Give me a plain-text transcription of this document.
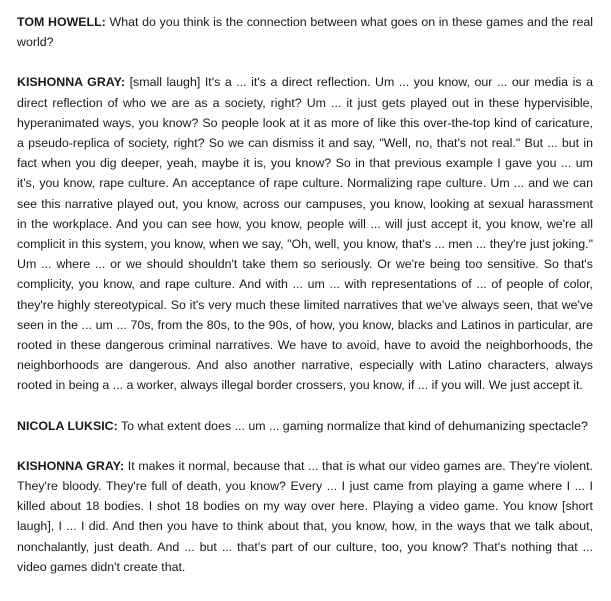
TOM HOWELL: What do you think is the connection between what goes on in these games and the real world?

KISHONNA GRAY: [small laugh] It's a ... it's a direct reflection. Um ... you know, our ... our media is a direct reflection of who we are as a society, right? Um ... it just gets played out in these hypervisible, hyperanimated ways, you know? So people look at it as more of like this over-the-top kind of caricature, a pseudo-replica of society, right? So we can dismiss it and say, "Well, no, that's not real." But ... but in fact when you dig deeper, yeah, maybe it is, you know? So in that previous example I gave you ... um it's, you know, rape culture. An acceptance of rape culture. Normalizing rape culture. Um ... and we can see this narrative played out, you know, across our campuses, you know, looking at sexual harassment in the workplace. And you can see how, you know, people will ... will just accept it, you know, we're all complicit in this system, you know, when we say, "Oh, well, you know, that's ... men ... they're just joking." Um ... where ... or we should shouldn't take them so seriously. Or we're being too sensitive. So that's complicity, you know, and rape culture. And with ... um ... with representations of ... of people of color, they're highly stereotypical. So it's very much these limited narratives that we've always seen, that we've seen in the ... um ... 70s, from the 80s, to the 90s, of how, you know, blacks and Latinos in particular, are rooted in these dangerous criminal narratives. We have to avoid, have to avoid the neighborhoods, the neighborhoods are dangerous. And also another narrative, especially with Latino characters, always rooted in being a ... a worker, always illegal border crossers, you know, if ... if you will. We just accept it.

NICOLA LUKSIC: To what extent does ... um ... gaming normalize that kind of dehumanizing spectacle?

KISHONNA GRAY: It makes it normal, because that ... that is what our video games are. They're violent. They're bloody. They're full of death, you know? Every ... I just came from playing a game where I ... I killed about 18 bodies. I shot 18 bodies on my way over here. Playing a video game. You know [short laugh], I ... I did. And then you have to think about that, you know, how, in the ways that we talk about, nonchalantly, just death. And ... but ... that's part of our culture, too, you know? That's nothing that ... video games didn't create that.
